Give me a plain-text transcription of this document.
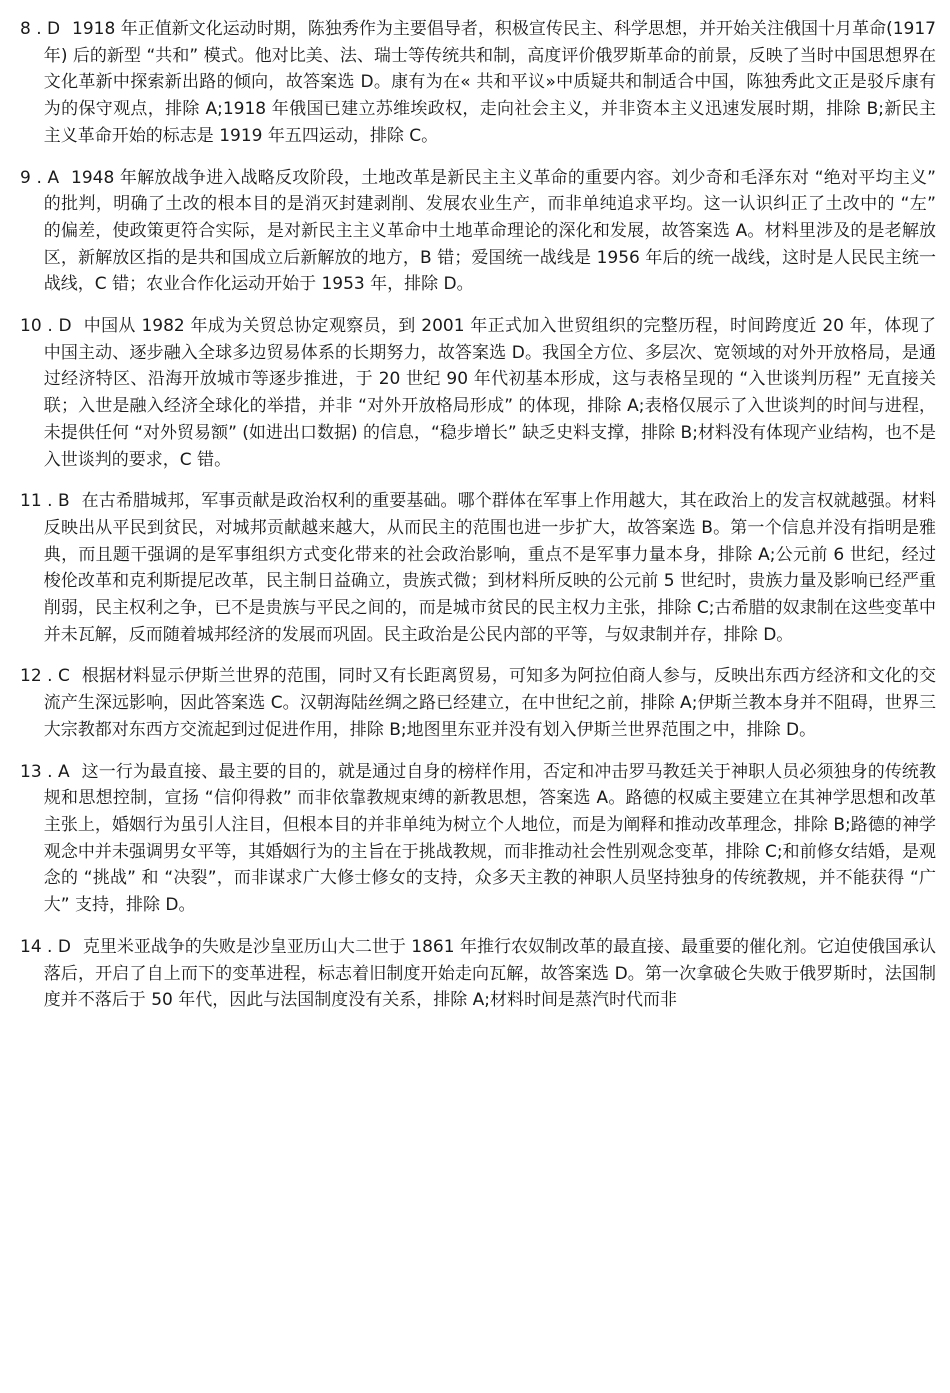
8 . D 1918 年正值新文化运动时期，陈独秀作为主要倡导者，积极宣传民主、科学思想，并开始关注俄国十月革命(1917 年) 后的新型 “共和” 模式。他对比美、法、瑞士等传统共和制，高度评价俄罗斯革命的前景，反映了当时中国思想界在文化革新中探索新出路的倾向，故答案选 D。康有为在« 共和平议»中质疑共和制适合中国，陈独秀此文正是驳斥康有为的保守观点，排除 A;1918 年俄国已建立苏维埃政权，走向社会主义，并非资本主义迅速发展时期，排除 B;新民主主义革命开始的标志是 1919 年五四运动，排除 C。

9 . A 1948 年解放战争进入战略反攻阶段，土地改革是新民主主义革命的重要内容。刘少奇和毛泽东对 “绝对平均主义” 的批判，明确了土改的根本目的是消灭封建剥削、发展农业生产，而非单纯追求平均。这一认识纠正了土改中的 “左” 的偏差，使政策更符合实际，是对新民主主义革命中土地革命理论的深化和发展，故答案选 A。材料里涉及的是老解放区，新解放区指的是共和国成立后新解放的地方，B 错；爱国统一战线是 1956 年后的统一战线，这时是人民民主统一战线，C 错；农业合作化运动开始于 1953 年，排除 D。

10 . D 中国从 1982 年成为关贸总协定观察员，到 2001 年正式加入世贸组织的完整历程，时间跨度近 20 年，体现了中国主动、逐步融入全球多边贸易体系的长期努力，故答案选 D。我国全方位、多层次、宽领域的对外开放格局，是通过经济特区、沿海开放城市等逐步推进，于 20 世纪 90 年代初基本形成，这与表格呈现的 “入世谈判历程” 无直接关联；入世是融入经济全球化的举措，并非 “对外开放格局形成” 的体现，排除 A;表格仅展示了入世谈判的时间与进程，未提供任何 “对外贸易额” (如进出口数据) 的信息，“稳步增长” 缺乏史料支撑，排除 B;材料没有体现产业结构，也不是入世谈判的要求，C 错。

11 . B 在古希腊城邦，军事贡献是政治权利的重要基础。哪个群体在军事上作用越大，其在政治上的发言权就越强。材料反映出从平民到贫民，对城邦贡献越来越大，从而民主的范围也进一步扩大，故答案选 B。第一个信息并没有指明是雅典，而且题干强调的是军事组织方式变化带来的社会政治影响，重点不是军事力量本身，排除 A;公元前 6 世纪，经过梭伦改革和克利斯提尼改革，民主制日益确立，贵族式微；到材料所反映的公元前 5 世纪时，贵族力量及影响已经严重削弱，民主权利之争，已不是贵族与平民之间的，而是城市贫民的民主权力主张，排除 C;古希腊的奴隶制在这些变革中并未瓦解，反而随着城邦经济的发展而巩固。民主政治是公民内部的平等，与奴隶制并存，排除 D。

12 . C 根据材料显示伊斯兰世界的范围，同时又有长距离贸易，可知多为阿拉伯商人参与，反映出东西方经济和文化的交流产生深远影响，因此答案选 C。汉朝海陆丝绸之路已经建立，在中世纪之前，排除 A;伊斯兰教本身并不阻碍，世界三大宗教都对东西方交流起到过促进作用，排除 B;地图里东亚并没有划入伊斯兰世界范围之中，排除 D。

13 . A 这一行为最直接、最主要的目的，就是通过自身的榜样作用，否定和冲击罗马教廷关于神职人员必须独身的传统教规和思想控制，宣扬 “信仰得救” 而非依靠教规束缚的新教思想，答案选 A。路德的权威主要建立在其神学思想和改革主张上，婚姻行为虽引人注目，但根本目的并非单纯为树立个人地位，而是为阐释和推动改革理念，排除 B;路德的神学观念中并未强调男女平等，其婚姻行为的主旨在于挑战教规，而非推动社会性别观念变革，排除 C;和前修女结婚，是观念的 “挑战” 和 “决裂”，而非谋求广大修士修女的支持，众多天主教的神职人员坚持独身的传统教规，并不能获得 “广大” 支持，排除 D。

14 . D 克里米亚战争的失败是沙皇亚历山大二世于 1861 年推行农奴制改革的最直接、最重要的催化剂。它迫使俄国承认落后，开启了自上而下的变革进程，标志着旧制度开始走向瓦解，故答案选 D。第一次拿破仑失败于俄罗斯时，法国制度并不落后于 50 年代，因此与法国制度没有关系，排除 A;材料时间是蒸汽时代而非
